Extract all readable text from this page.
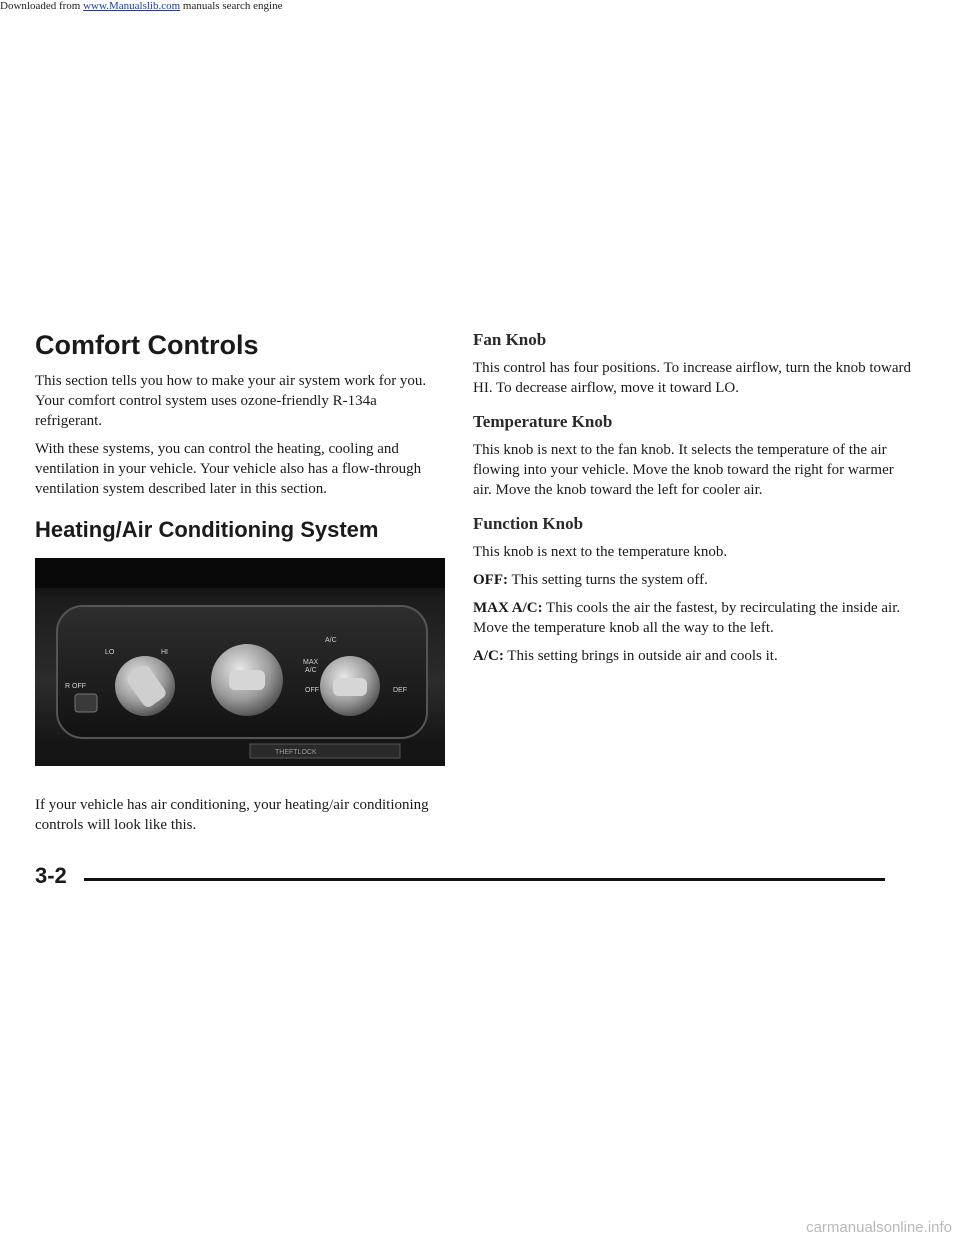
Downloaded from www.Manualslib.com manuals search engine
Comfort Controls

This section tells you how to make your air system work for you. Your comfort control system uses ozone-friendly R-134a refrigerant.

With these systems, you can control the heating, cooling and ventilation in your vehicle. Your vehicle also has a flow-through ventilation system described later in this section.

Heating/Air Conditioning System
THEFTLOCK
LO	HI
R OFF
A/C
MAX
A/C
OFF	DEF

If your vehicle has air conditioning, your heating/air conditioning controls will look like this.

Fan Knob

This control has four positions. To increase airflow, turn the knob toward HI. To decrease airflow, move it toward LO.

Temperature Knob

This knob is next to the fan knob. It selects the temperature of the air flowing into your vehicle. Move the knob toward the right for warmer air. Move the knob toward the left for cooler air.

Function Knob

This knob is next to the temperature knob.

OFF: This setting turns the system off.

MAX A/C: This cools the air the fastest, by recirculating the inside air. Move the temperature knob all the way to the left.

A/C: This setting brings in outside air and cools it.

3-2
carmanualsonline.info
